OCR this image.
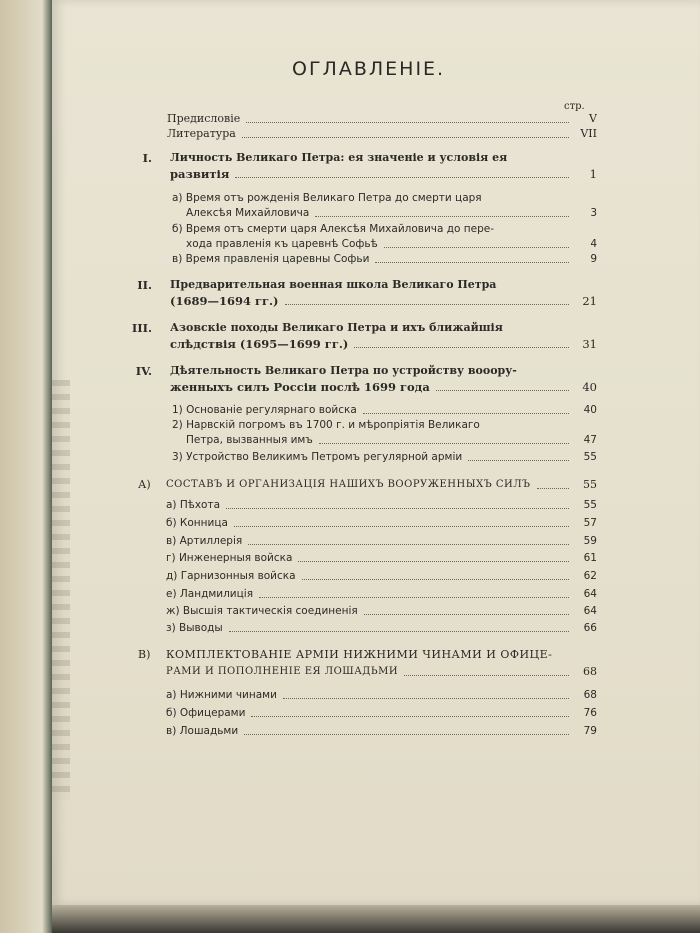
ОГЛАВЛЕНІЕ.
стр.
Предисловіе	V
Литература	VII
I. Личность Великаго Петра: ея значеніе и условія ея
развитія	1
а) Время отъ рожденія Великаго Петра до смерти царя
Алексѣя Михайловича	3
б) Время отъ смерти царя Алексѣя Михайловича до пере-
хода правленія къ царевнѣ Софьѣ	4
в) Время правленія царевны Софьи	9
II. Предварительная военная школа Великаго Петра
(1689—1694 гг.)	21
III. Азовскіе походы Великаго Петра и ихъ ближайшія
слѣдствія (1695—1699 гг.)	31
IV. Дѣятельность Великаго Петра по устройству вооору-
женныхъ силъ Россіи послѣ 1699 года	40
1) Основаніе регулярнаго войска	40
2) Нарвскій погромъ въ 1700 г. и мѣропріятія Великаго
Петра, вызванныя имъ	47
3) Устройство Великимъ Петромъ регулярной арміи	55
А) СОСТАВЪ И ОРГАНИЗАЦІЯ НАШИХЪ ВООРУЖЕННЫХЪ СИЛЪ	55
а) Пѣхота	55
б) Конница	57
в) Артиллерія	59
г) Инженерныя войска	61
д) Гарнизонныя войска	62
е) Ландмилиція	64
ж) Высшія тактическія соединенія	64
з) Выводы	66
В) КОМПЛЕКТОВАНІЕ АРМІИ НИЖНИМИ ЧИНАМИ И ОФИЦЕ-
РАМИ И ПОПОЛНЕНІЕ ЕЯ ЛОШАДЬМИ	68
а) Нижними чинами	68
б) Офицерами	76
в) Лошадьми	79
